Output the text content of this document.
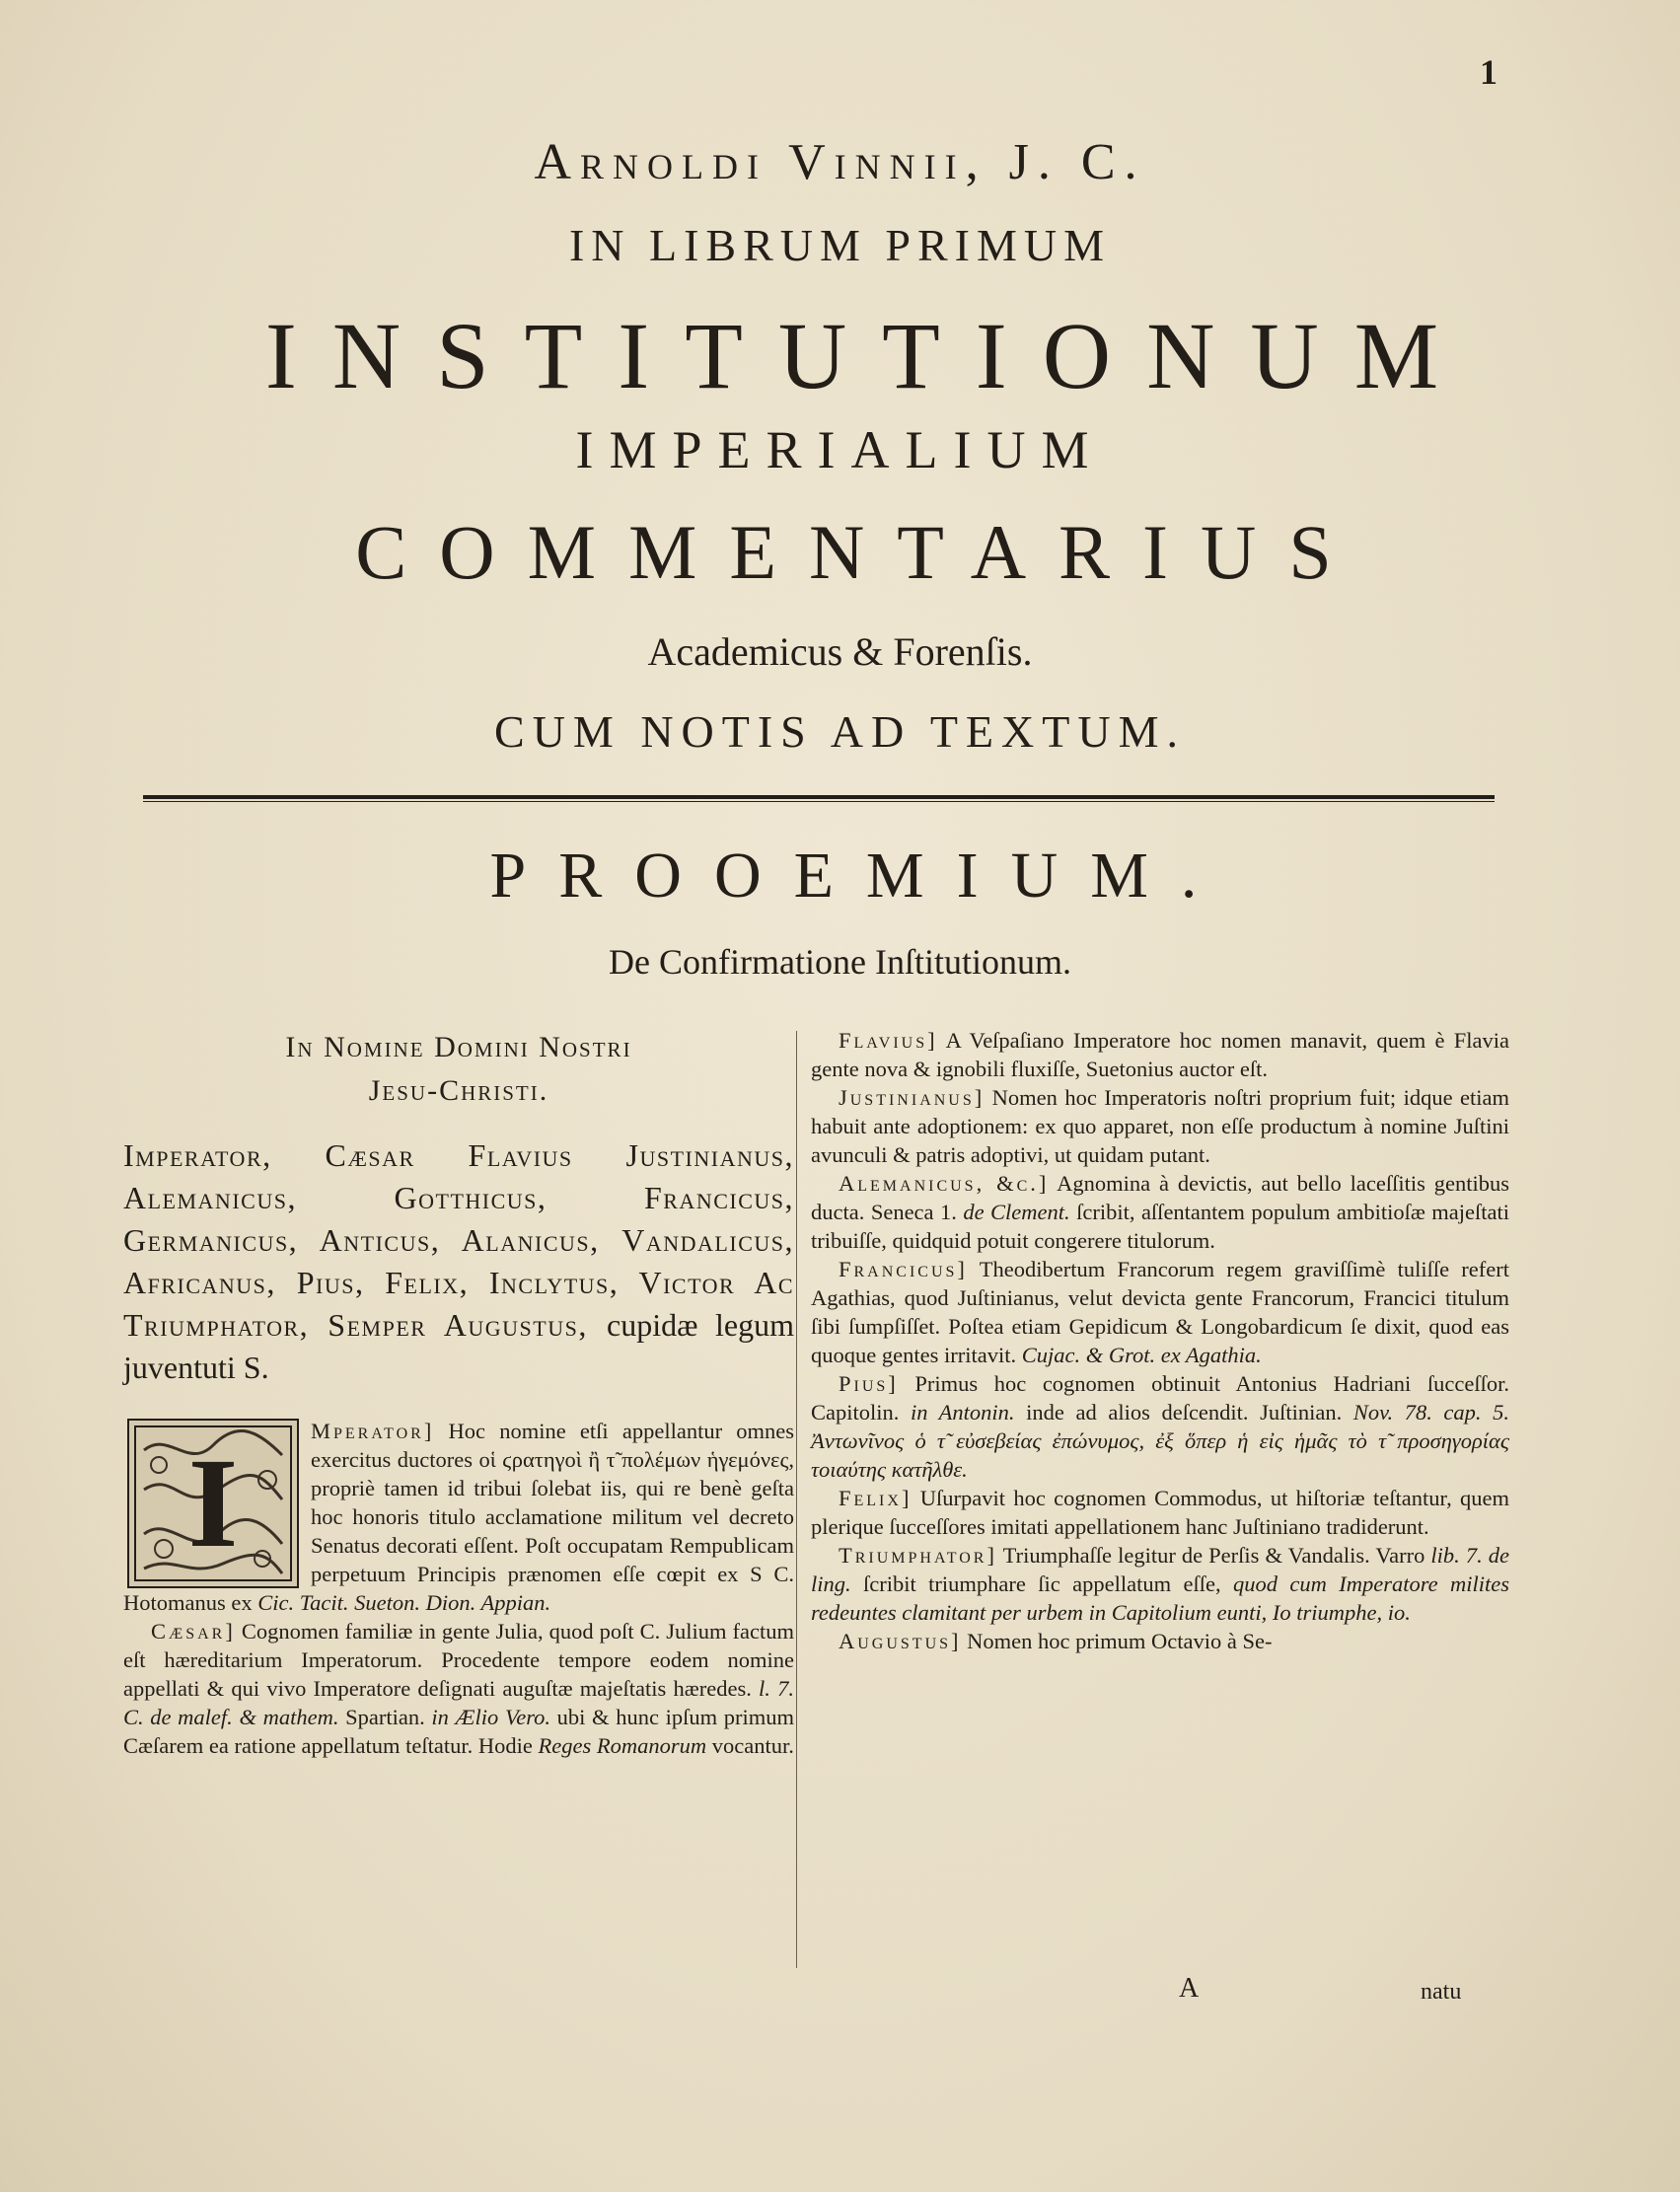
1
Arnoldi Vinnii, J. C.
IN LIBRUM PRIMUM
INSTITUTIONUM
IMPERIALIUM
COMMENTARIUS
Academicus & Forenſis.
CUM NOTIS AD TEXTUM.
PROOEMIUM.
De Confirmatione Inſtitutionum.
In Nomine Domini Nostri
Jesu-Christi.
Imperator, Cæsar Flavius Justinianus, Alemanicus, Gotthicus, Francicus, Germanicus, Anticus, Alanicus, Vandalicus, Africanus, Pius, Felix, Inclytus, Victor Ac Triumphator, Semper Augustus, cupidæ legum juventuti S.
I

Mperator] Hoc nomine etſi appellantur omnes exercitus ductores οἱ ϛρατηγοὶ ἢ τ̃ πολέμων ἡγεμόνες, propriè tamen id tribui ſolebat iis, qui re benè geſta hoc honoris titulo acclamatione militum vel decreto Senatus decorati eſſent. Poſt occupatam Rempublicam perpetuum Principis prænomen eſſe cœpit ex S C. Hotomanus ex Cic. Tacit. Sueton. Dion. Appian.

Cæsar] Cognomen familiæ in gente Julia, quod poſt C. Julium factum eſt hæreditarium Imperatorum. Procedente tempore eodem nomine appellati & qui vivo Imperatore deſignati auguſtæ majeſtatis hæredes. l. 7. C. de malef. & mathem. Spartian. in Ælio Vero. ubi & hunc ipſum primum Cæſarem ea ratione appellatum teſtatur. Hodie Reges Romanorum vocantur.

Flavius] A Veſpaſiano Imperatore hoc nomen manavit, quem è Flavia gente nova & ignobili fluxiſſe, Suetonius auctor eſt.

Justinianus] Nomen hoc Imperatoris noſtri proprium fuit; idque etiam habuit ante adoptionem: ex quo apparet, non eſſe productum à nomine Juſtini avunculi & patris adoptivi, ut quidam putant.

Alemanicus, &c.] Agnomina à devictis, aut bello laceſſitis gentibus ducta. Seneca 1. de Clement. ſcribit, aſſentantem populum ambitioſæ majeſtati tribuiſſe, quidquid potuit congerere titulorum.

Francicus] Theodibertum Francorum regem graviſſimè tuliſſe refert Agathias, quod Juſtinianus, velut devicta gente Francorum, Francici titulum ſibi ſumpſiſſet. Poſtea etiam Gepidicum & Longobardicum ſe dixit, quod eas quoque gentes irritavit. Cujac. & Grot. ex Agathia.

Pius] Primus hoc cognomen obtinuit Antonius Hadriani ſucceſſor. Capitolin. in Antonin. inde ad alios deſcendit. Juſtinian. Nov. 78. cap. 5. Ἀντωνῖνος ὁ τ̃ εὐσεβείας ἐπώνυμος, ἐξ ὅπερ ἡ εἰς ἡμᾶς τὸ τ̃ προσηγορίας τοιαύτης κατῆλθε.

Felix] Uſurpavit hoc cognomen Commodus, ut hiſtoriæ teſtantur, quem plerique ſucceſſores imitati appellationem hanc Juſtiniano tradiderunt.

Triumphator] Triumphaſſe legitur de Perſis & Vandalis. Varro lib. 7. de ling. ſcribit triumphare ſic appellatum eſſe, quod cum Imperatore milites redeuntes clamitant per urbem in Capitolium eunti, Io triumphe, io.

Augustus] Nomen hoc primum Octavio à Se-

A	natu
